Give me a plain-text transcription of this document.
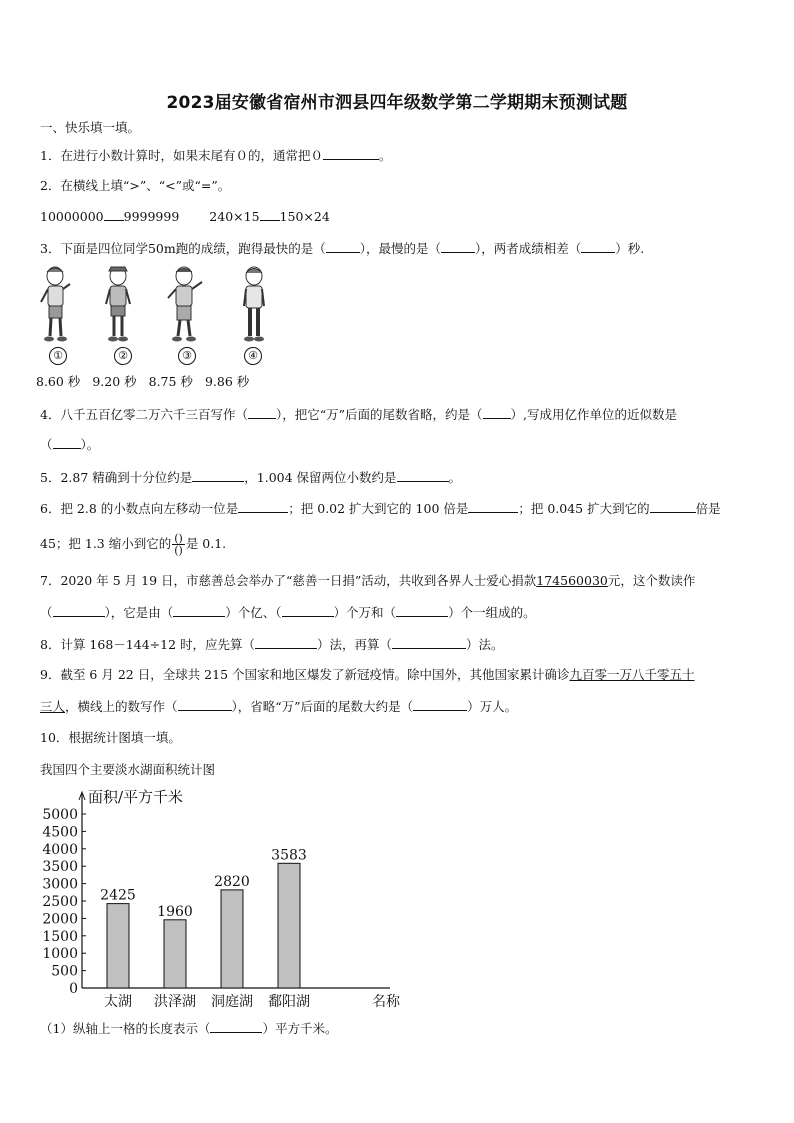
2023届安徽省宿州市泗县四年级数学第二学期期末预测试题
一、快乐填一填。
1．在进行小数计算时，如果末尾有０的，通常把０	。
2．在横线上填“>”、“<”或“=”。
10000000 9999999 240×15 150×24
3．下面是四位同学50m跑的成绩，跑得最快的是（	），最慢的是（	），两者成绩相差（	）秒.
①	②	③	④
8.60 秒 9.20 秒 8.75 秒 9.86 秒
4．八千五百亿零二万六千三百写作（ ），把它“万”后面的尾数省略，约是（ ）,写成用亿作单位的近似数是
（ ）。
5．2.87 精确到十分位约是	，1.004 保留两位小数约是	。
6．把 2.8 的小数点向左移动一位是	；把 0.02 扩大到它的 100 倍是	；把 0.045 扩大到它的	倍是
45；把 1.3 缩小到它的 $\frac{()}{()}$ 是 0.1.
7．2020 年 5 月 19 日，市慈善总会举办了“慈善一日捐”活动，共收到各界人士爱心捐款174560030元，这个数读作
（	），它是由（	）个亿、（	）个万和（	）个一组成的。
8．计算 168－144÷12 时，应先算（	）法，再算（	）法。
9．截至 6 月 22 日，全球共 215 个国家和地区爆发了新冠疫情。除中国外，其他国家累计确诊九百零一万八千零五十
三人，横线上的数写作（	），省略“万”后面的尾数大约是（	）万人。
10．根据统计图填一填。
我国四个主要淡水湖面积统计图
0
500
1000
1500
2000
2500
3000
3500
4000
4500
5000
面积/平方千米
2425
太湖
1960
洪泽湖
2820
洞庭湖
3583
鄱阳湖	名称
（1）纵轴上一格的长度表示（	）平方千米。
